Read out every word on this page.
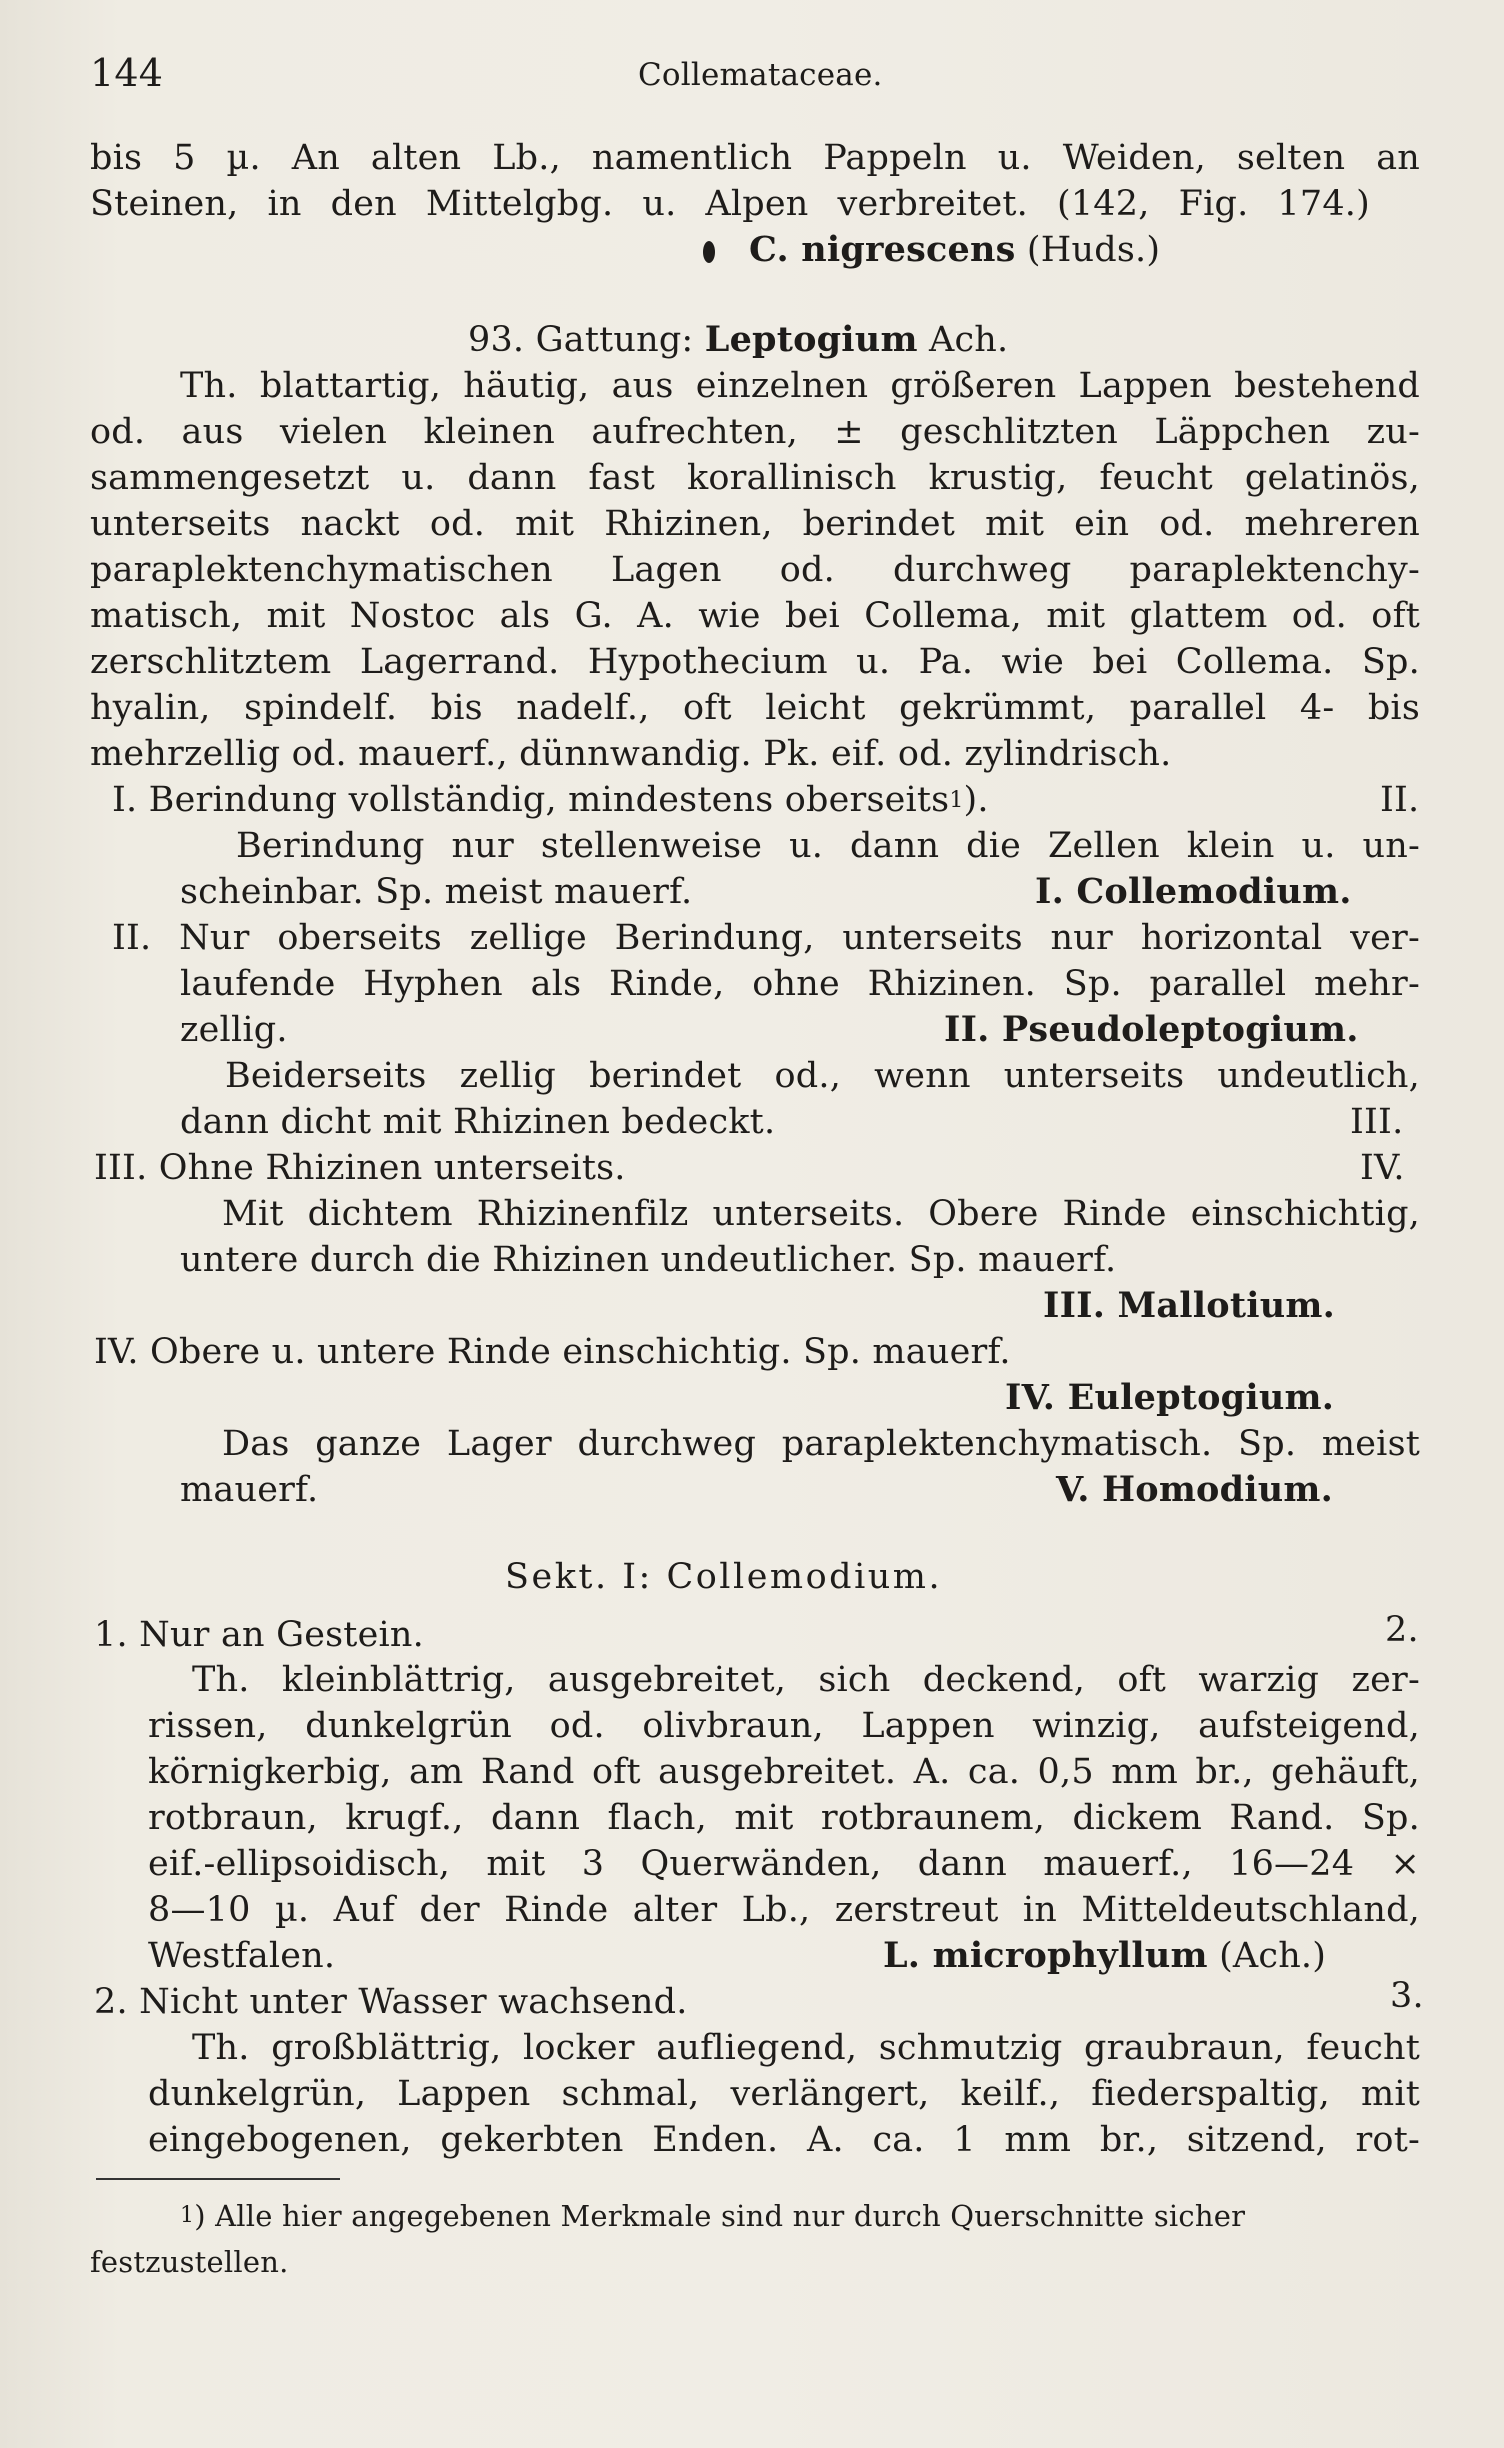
144	Collemataceae.
bis 5 µ. An alten Lb., namentlich Pappeln u. Weiden, selten an
Steinen, in den Mittelgbg. u. Alpen verbreitet. (142, Fig. 174.)
C. nigrescens (Huds.)
93. Gattung: Leptogium Ach.
Th. blattartig, häutig, aus einzelnen größeren Lappen bestehend
od. aus vielen kleinen aufrechten, ± geschlitzten Läppchen zu-
sammengesetzt u. dann fast korallinisch krustig, feucht gelatinös,
unterseits nackt od. mit Rhizinen, berindet mit ein od. mehreren
paraplektenchymatischen Lagen od. durchweg paraplektenchy-
matisch, mit Nostoc als G. A. wie bei Collema, mit glattem od. oft
zerschlitztem Lagerrand. Hypothecium u. Pa. wie bei Collema. Sp.
hyalin, spindelf. bis nadelf., oft leicht gekrümmt, parallel 4- bis
mehrzellig od. mauerf., dünnwandig. Pk. eif. od. zylindrisch.
I. Berindung vollständig, mindestens oberseits$^1$).	II.
Berindung nur stellenweise u. dann die Zellen klein u. un-
scheinbar. Sp. meist mauerf.	I. Collemodium.
II. Nur oberseits zellige Berindung, unterseits nur horizontal ver-
laufende Hyphen als Rinde, ohne Rhizinen. Sp. parallel mehr-
zellig.	II. Pseudoleptogium.
Beiderseits zellig berindet od., wenn unterseits undeutlich,
dann dicht mit Rhizinen bedeckt.	III.
III. Ohne Rhizinen unterseits.	IV.
Mit dichtem Rhizinenfilz unterseits. Obere Rinde einschichtig,
untere durch die Rhizinen undeutlicher. Sp. mauerf.
III. Mallotium.
IV. Obere u. untere Rinde einschichtig. Sp. mauerf.
IV. Euleptogium.
Das ganze Lager durchweg paraplektenchymatisch. Sp. meist
mauerf.	V. Homodium.
Sekt. I: Collemodium.
1. Nur an Gestein.	2.
Th. kleinblättrig, ausgebreitet, sich deckend, oft warzig zer-
rissen, dunkelgrün od. olivbraun, Lappen winzig, aufsteigend,
körnigkerbig, am Rand oft ausgebreitet. A. ca. 0,5 mm br., gehäuft,
rotbraun, krugf., dann flach, mit rotbraunem, dickem Rand. Sp.
eif.-ellipsoidisch, mit 3 Querwänden, dann mauerf., 16—24 ×
8—10 µ. Auf der Rinde alter Lb., zerstreut in Mitteldeutschland,
Westfalen.	L. microphyllum (Ach.)
2. Nicht unter Wasser wachsend.	3.
Th. großblättrig, locker aufliegend, schmutzig graubraun, feucht
dunkelgrün, Lappen schmal, verlängert, keilf., fiederspaltig, mit
eingebogenen, gekerbten Enden. A. ca. 1 mm br., sitzend, rot-
$^1$) Alle hier angegebenen Merkmale sind nur durch Querschnitte sicher
festzustellen.
